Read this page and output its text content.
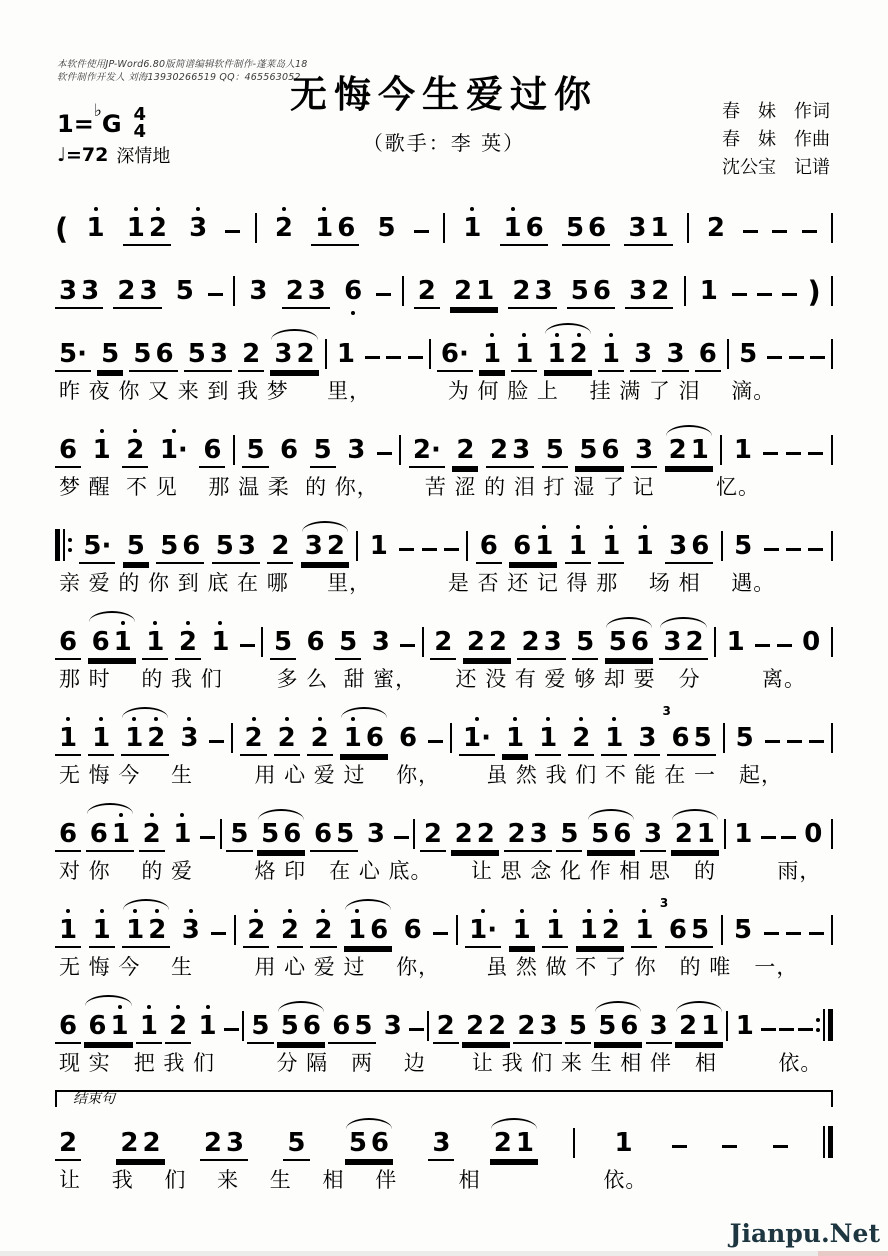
本软件使用JP-Word6.80版简谱编辑软件制作-蓬莱岛人18
软件制作开发人 刘海13930266519 QQ：465563052
无悔今生爱过你
（歌手：李 英）
春　妹　作词
春　妹　作曲
沈公宝　记谱
1=♭G 4
4
♩=72 深情地
( 1 1 2 3	2 1 6 5	1 1 6 5 6 3 1 2
3 3 2 3 5 3 2 3 6 2 2 1 2 3 5 6 3 2 1	)
5· 5 5 6 5 3 2 3 2 1	6· 1 1 1 2 1 3 3 6 5
昨 夜 你 又 来 到 我 梦     里，          为 何 脸 上    挂 满 了 泪    滴。
6 1 2 1· 6 5 6 5 3 2· 2 2 3 5 5 6 3 2 1 1
梦 醒  不 见    那 温 柔  的 你，      苦 涩 的 泪 打 湿 了 记        忆。
5· 5 5 6 5 3 2 3 2 1	6 6 1 1 1 1 3 6 5
亲 爱 的 你 到 底 在 哪     里，          是 否 还 记 得 那    场 相    遇。
6 6 1 1 2 1 5 6 5 3 2 2 2 2 3 5 5 6 3 2 1 0
那 时    的 我 们       多 么  甜 蜜，     还 没 有 爱 够 却 要   分        离。
1 1 1 2 3 2 2 2 1 6 6 1· 1 1 2 1 3 6 5
3
5
无 悔 今    生        用 心 爱 过    你，      虽 然 我 们 不 能 在 一   起，
6 6 1 2 1 5 5 6 6 5 3 2 2 2 2 3 5 5 6 3 2 1 1 0
对 你    的 爱        烙 印   在 心 底。     让 思 念 化 作 相 思   的        雨，
1 1 1 2 3 2 2 2 1 6 6 1· 1 1 1 2 1 6 5
3
5
无 悔 今    生        用 心 爱 过    你，      虽 然 做 不 了 你   的 唯   一，
6 6 1 1 2 1 5 5 6 6 5 3 2 2 2 2 3 5 5 6 3 2 1 1
现 实   把 我 们        分 隔   两    边      让 我 们 来 生 相 伴   相        依。
结束句
2 2 2 2 3 5 5 6 3 2 1	1
让    我    们    来    生    相    伴        相                依。
Jianpu.Net
